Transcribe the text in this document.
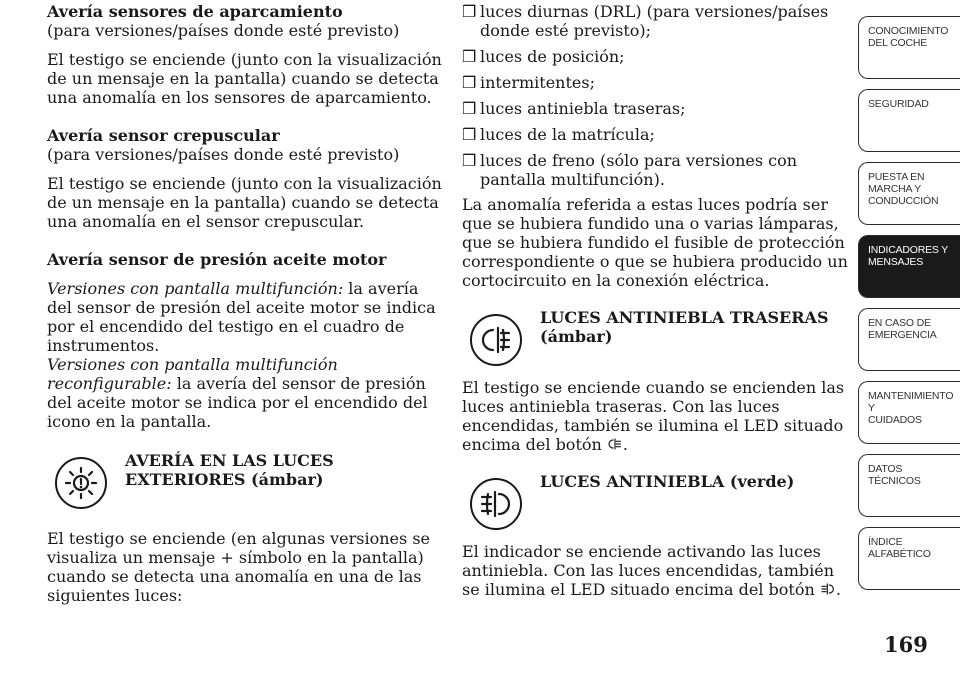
Avería sensores de aparcamiento

(para versiones/países donde esté previsto)

El testigo se enciende (junto con la visualización de un mensaje en la pantalla) cuando se detecta una anomalía en los sensores de aparcamiento.

Avería sensor crepuscular

(para versiones/países donde esté previsto)

El testigo se enciende (junto con la visualización de un mensaje en la pantalla) cuando se detecta una anomalía en el sensor crepuscular.

Avería sensor de presión aceite motor

Versiones con pantalla multifunción: la avería del sensor de presión del aceite motor se indica por el encendido del testigo en el cuadro de instrumentos.

Versiones con pantalla multifunción reconfigurable: la avería del sensor de presión del aceite motor se indica por el encendido del icono en la pantalla.

AVERÍA EN LAS LUCES EXTERIORES (ámbar)

El testigo se enciende (en algunas versiones se visualiza un mensaje + símbolo en la pantalla) cuando se detecta una anomalía en una de las siguientes luces:

❒ luces diurnas (DRL) (para versiones/países donde esté previsto);

❒ luces de posición;

❒ intermitentes;

❒ luces antiniebla traseras;

❒ luces de la matrícula;

❒ luces de freno (sólo para versiones con pantalla multifunción).

La anomalía referida a estas luces podría ser que se hubiera fundido una o varias lámparas, que se hubiera fundido el fusible de protección correspondiente o que se hubiera producido un cortocircuito en la conexión eléctrica.

LUCES ANTINIEBLA TRASERAS (ámbar)

El testigo se enciende cuando se encienden las luces antiniebla traseras. Con las luces encendidas, también se ilumina el LED situado encima del botón .

LUCES ANTINIEBLA (verde)

El indicador se enciende activando las luces antiniebla. Con las luces encendidas, también se ilumina el LED situado encima del botón .

CONOCIMIENTO
DEL COCHE
SEGURIDAD
PUESTA EN
MARCHA Y
CONDUCCIÓN
INDICADORES Y
MENSAJES
EN CASO DE
EMERGENCIA
MANTENIMIENTO Y
CUIDADOS
DATOS TÉCNICOS
ÍNDICE
ALFABÉTICO
169
